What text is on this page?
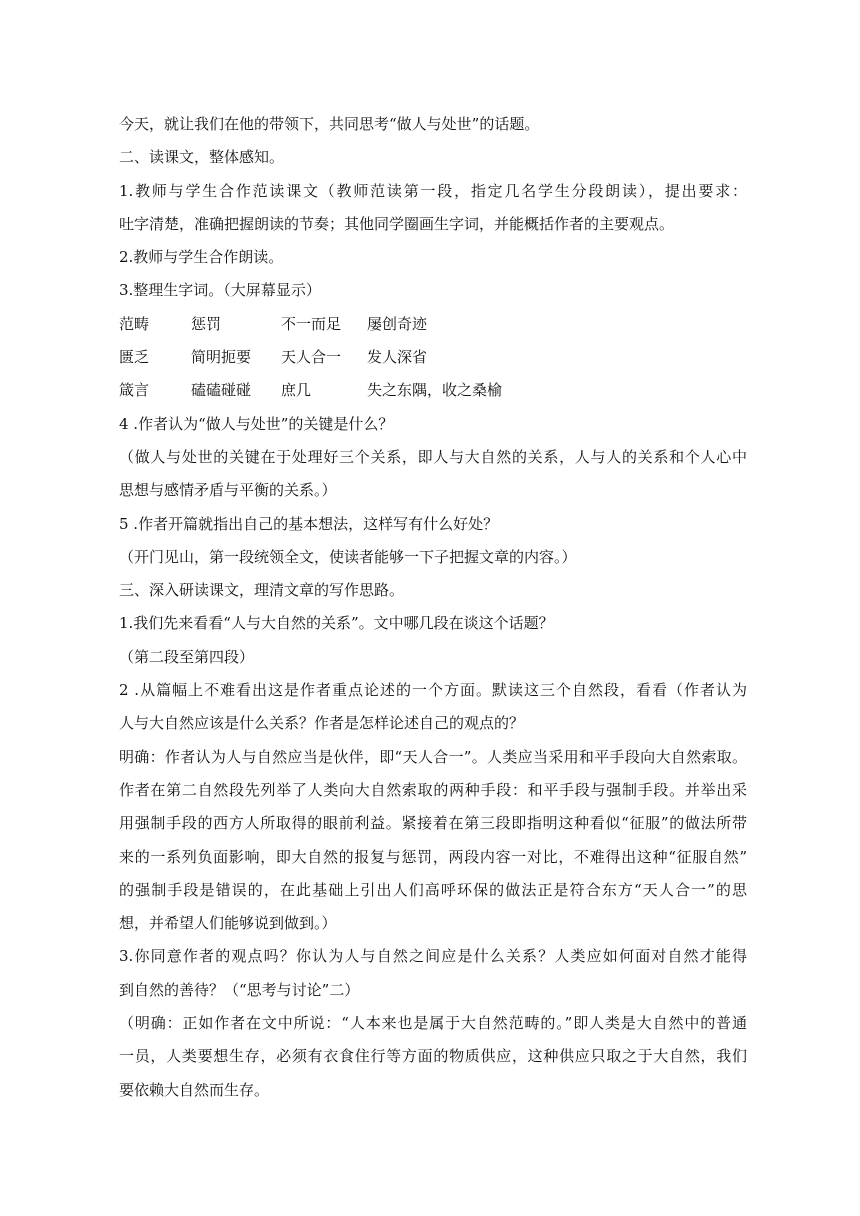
今天，就让我们在他的带领下，共同思考“做人与处世”的话题。
二、读课文，整体感知。
1.教师与学生合作范读课文（教师范读第一段，指定几名学生分段朗读），提出要求：
吐字清楚，准确把握朗读的节奏；其他同学圈画生字词，并能概括作者的主要观点。
2.教师与学生合作朗读。
3.整理生字词。（大屏幕显示）
范畴	惩罚	不一而足	屡创奇迹
匮乏	简明扼要	天人合一	发人深省
箴言	磕磕碰碰	庶几	失之东隅，收之桑榆
4 .作者认为“做人与处世”的关键是什么？
（做人与处世的关键在于处理好三个关系，即人与大自然的关系，人与人的关系和个人心中
思想与感情矛盾与平衡的关系。）
5 .作者开篇就指出自己的基本想法，这样写有什么好处？
（开门见山，第一段统领全文，使读者能够一下子把握文章的内容。）
三、深入研读课文，理清文章的写作思路。
1.我们先来看看“人与大自然的关系”。文中哪几段在谈这个话题？
（第二段至第四段）
2 .从篇幅上不难看出这是作者重点论述的一个方面。默读这三个自然段，看看（作者认为
人与大自然应该是什么关系？作者是怎样论述自己的观点的？
明确：作者认为人与自然应当是伙伴，即“天人合一”。人类应当采用和平手段向大自然索取。
作者在第二自然段先列举了人类向大自然索取的两种手段：和平手段与强制手段。并举出采
用强制手段的西方人所取得的眼前利益。紧接着在第三段即指明这种看似“征服”的做法所带
来的一系列负面影响，即大自然的报复与惩罚，两段内容一对比，不难得出这种“征服自然”
的强制手段是错误的，在此基础上引出人们高呼环保的做法正是符合东方“天人合一”的思
想，并希望人们能够说到做到。）
3.你同意作者的观点吗？你认为人与自然之间应是什么关系？人类应如何面对自然才能得
到自然的善待？（“思考与讨论”二）
（明确：正如作者在文中所说：“人本来也是属于大自然范畴的。”即人类是大自然中的普通
一员，人类要想生存，必须有衣食住行等方面的物质供应，这种供应只取之于大自然，我们
要依赖大自然而生存。
